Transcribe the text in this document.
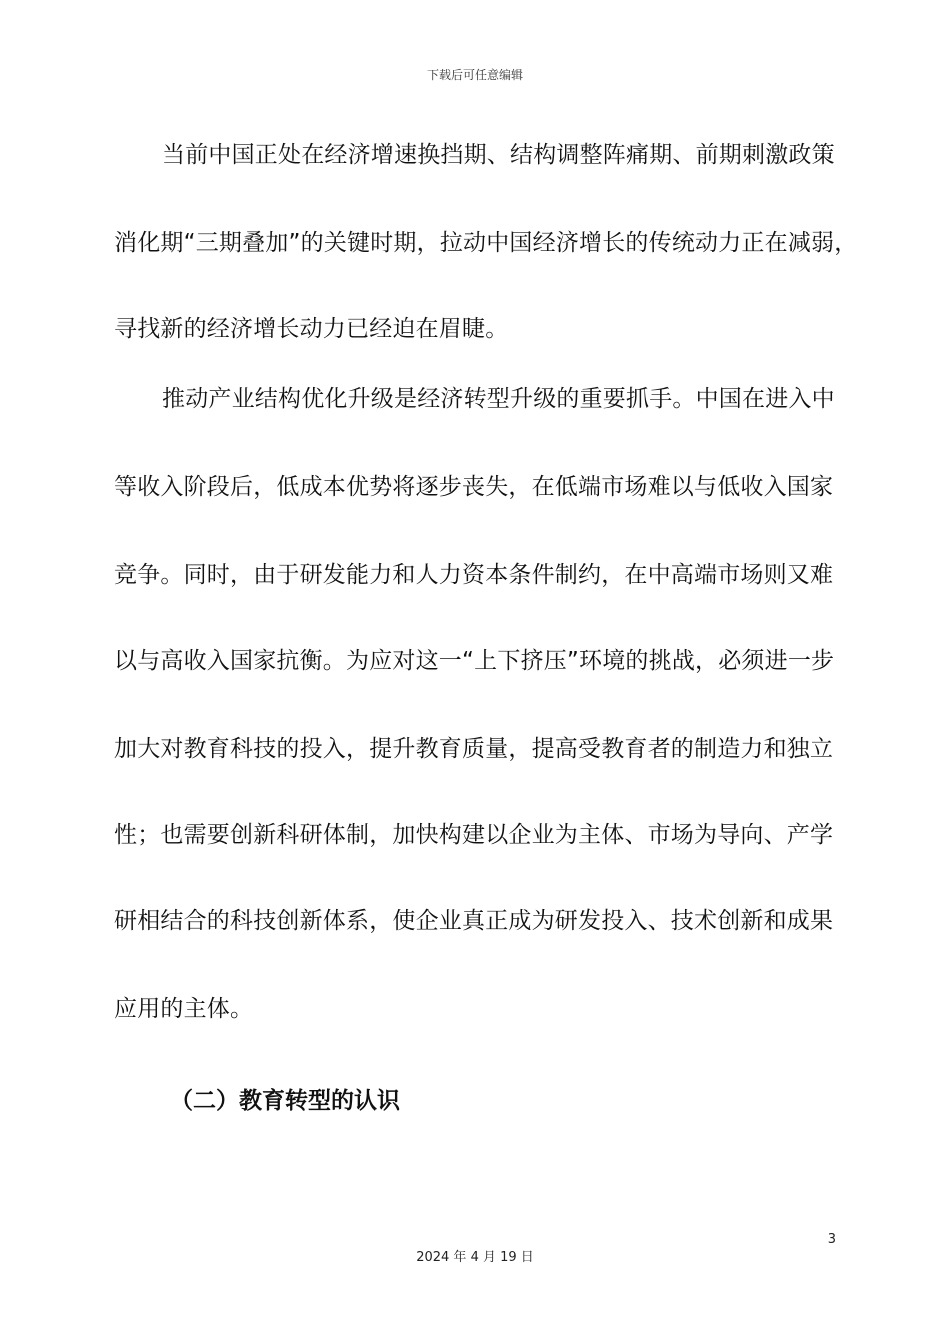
下载后可任意编辑
当前中国正处在经济增速换挡期、结构调整阵痛期、前期刺激政策
消化期“三期叠加”的关键时期，拉动中国经济增长的传统动力正在减弱，
寻找新的经济增长动力已经迫在眉睫。
推动产业结构优化升级是经济转型升级的重要抓手。中国在进入中
等收入阶段后，低成本优势将逐步丧失，在低端市场难以与低收入国家
竞争。同时，由于研发能力和人力资本条件制约，在中高端市场则又难
以与高收入国家抗衡。为应对这一“上下挤压”环境的挑战，必须进一步
加大对教育科技的投入，提升教育质量，提高受教育者的制造力和独立
性；也需要创新科研体制，加快构建以企业为主体、市场为导向、产学
研相结合的科技创新体系，使企业真正成为研发投入、技术创新和成果
应用的主体。
（二）教育转型的认识
3
2024 年 4 月 19 日
